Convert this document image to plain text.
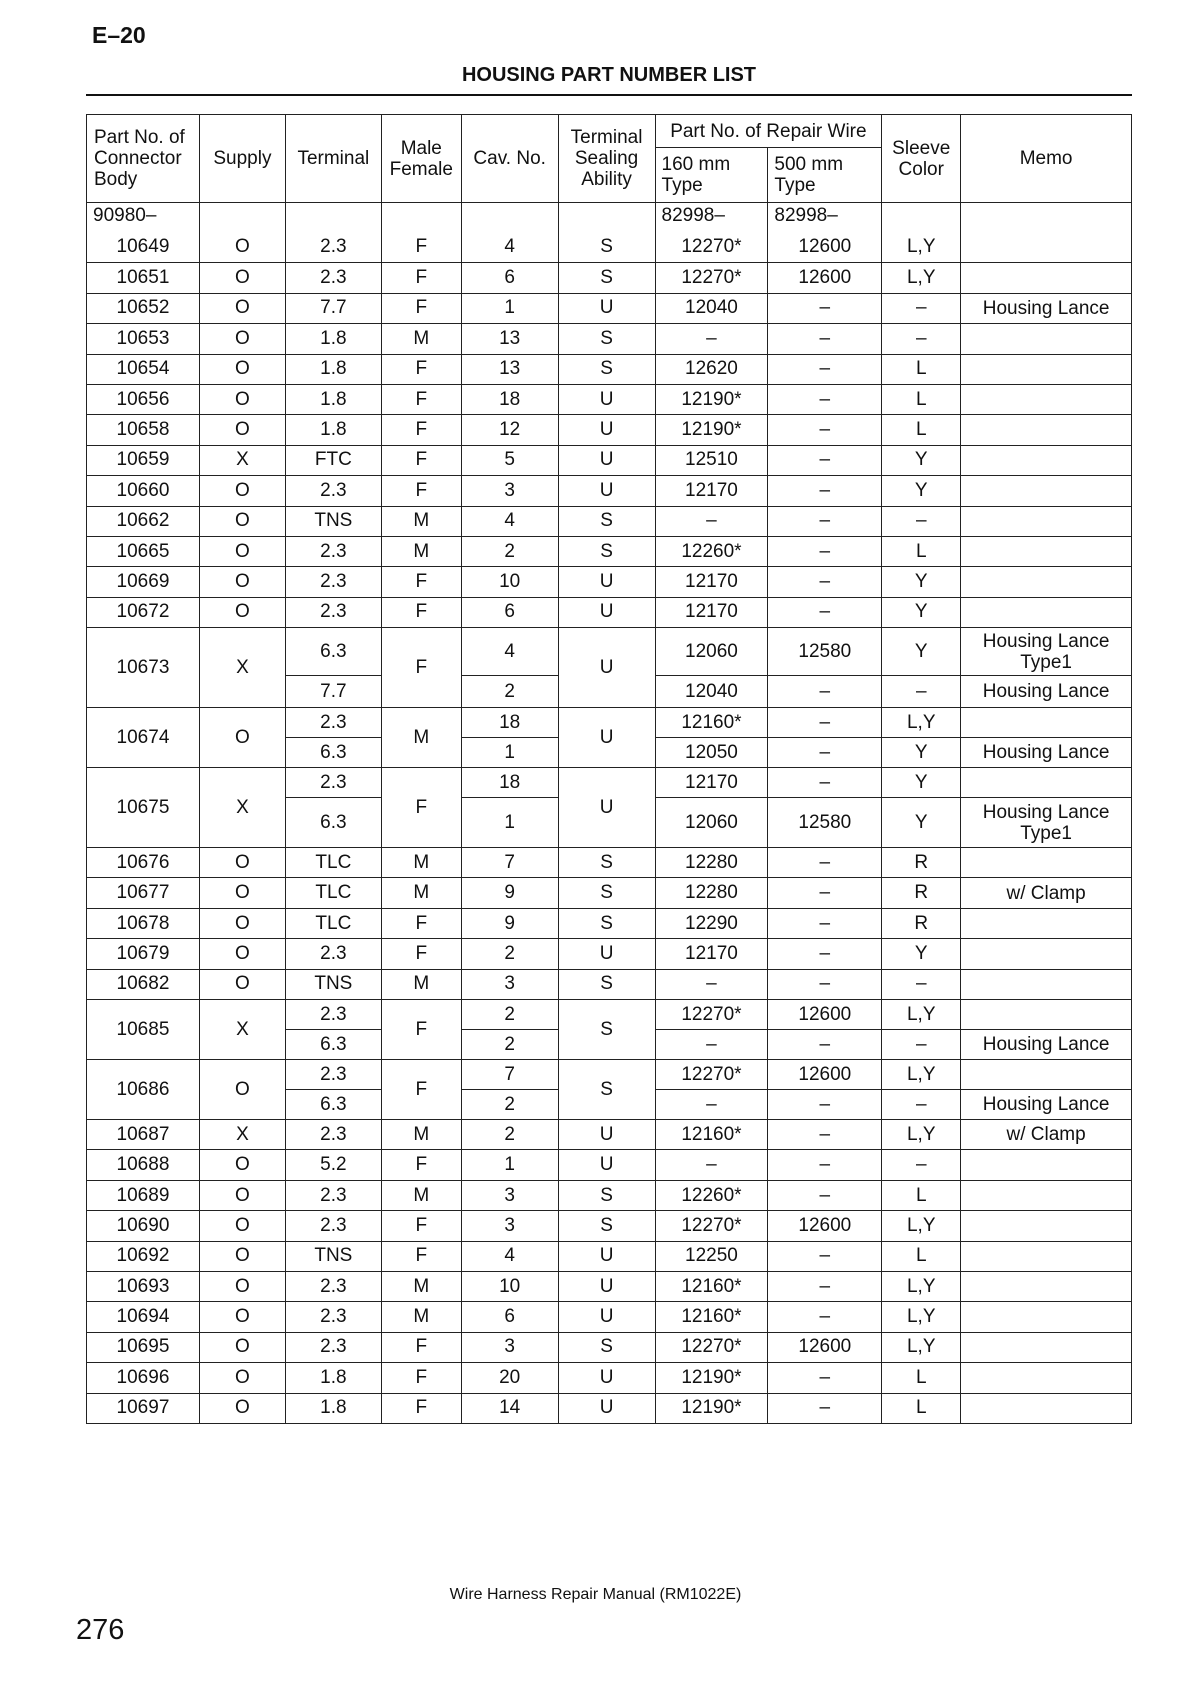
E–20
HOUSING PART NUMBER LIST
Part No. of Connector Body	Supply	Terminal	Male Female	Cav. No.	Terminal Sealing Ability	Part No. of Repair Wire		Sleeve Color	Memo
						160 mm Type	500 mm Type		
90980–						82998–	82998–		
10649	O	2.3	F	4	S	12270*	12600	L,Y	
10651	O	2.3	F	6	S	12270*	12600	L,Y	
10652	O	7.7	F	1	U	12040	–	–	Housing Lance
10653	O	1.8	M	13	S	–	–	–	
10654	O	1.8	F	13	S	12620	–	L	
10656	O	1.8	F	18	U	12190*	–	L	
10658	O	1.8	F	12	U	12190*	–	L	
10659	X	FTC	F	5	U	12510	–	Y	
10660	O	2.3	F	3	U	12170	–	Y	
10662	O	TNS	M	4	S	–	–	–	
10665	O	2.3	M	2	S	12260*	–	L	
10669	O	2.3	F	10	U	12170	–	Y	
10672	O	2.3	F	6	U	12170	–	Y	
10673	X	6.3	F	4	U	12060	12580	Y	Housing Lance Type1
		7.7		2		12040	–	–	Housing Lance
10674	O	2.3	M	18	U	12160*	–	L,Y	
		6.3		1		12050	–	Y	Housing Lance
10675	X	2.3	F	18	U	12170	–	Y	
		6.3		1		12060	12580	Y	Housing Lance Type1
10676	O	TLC	M	7	S	12280	–	R	
10677	O	TLC	M	9	S	12280	–	R	w/ Clamp
10678	O	TLC	F	9	S	12290	–	R	
10679	O	2.3	F	2	U	12170	–	Y	
10682	O	TNS	M	3	S	–	–	–	
10685	X	2.3	F	2	S	12270*	12600	L,Y	
		6.3		2		–	–	–	Housing Lance
10686	O	2.3	F	7	S	12270*	12600	L,Y	
		6.3		2		–	–	–	Housing Lance
10687	X	2.3	M	2	U	12160*	–	L,Y	w/ Clamp
10688	O	5.2	F	1	U	–	–	–	
10689	O	2.3	M	3	S	12260*	–	L	
10690	O	2.3	F	3	S	12270*	12600	L,Y	
10692	O	TNS	F	4	U	12250	–	L	
10693	O	2.3	M	10	U	12160*	–	L,Y	
10694	O	2.3	M	6	U	12160*	–	L,Y	
10695	O	2.3	F	3	S	12270*	12600	L,Y	
10696	O	1.8	F	20	U	12190*	–	L	
10697	O	1.8	F	14	U	12190*	–	L	
Wire Harness Repair Manual (RM1022E)
276
